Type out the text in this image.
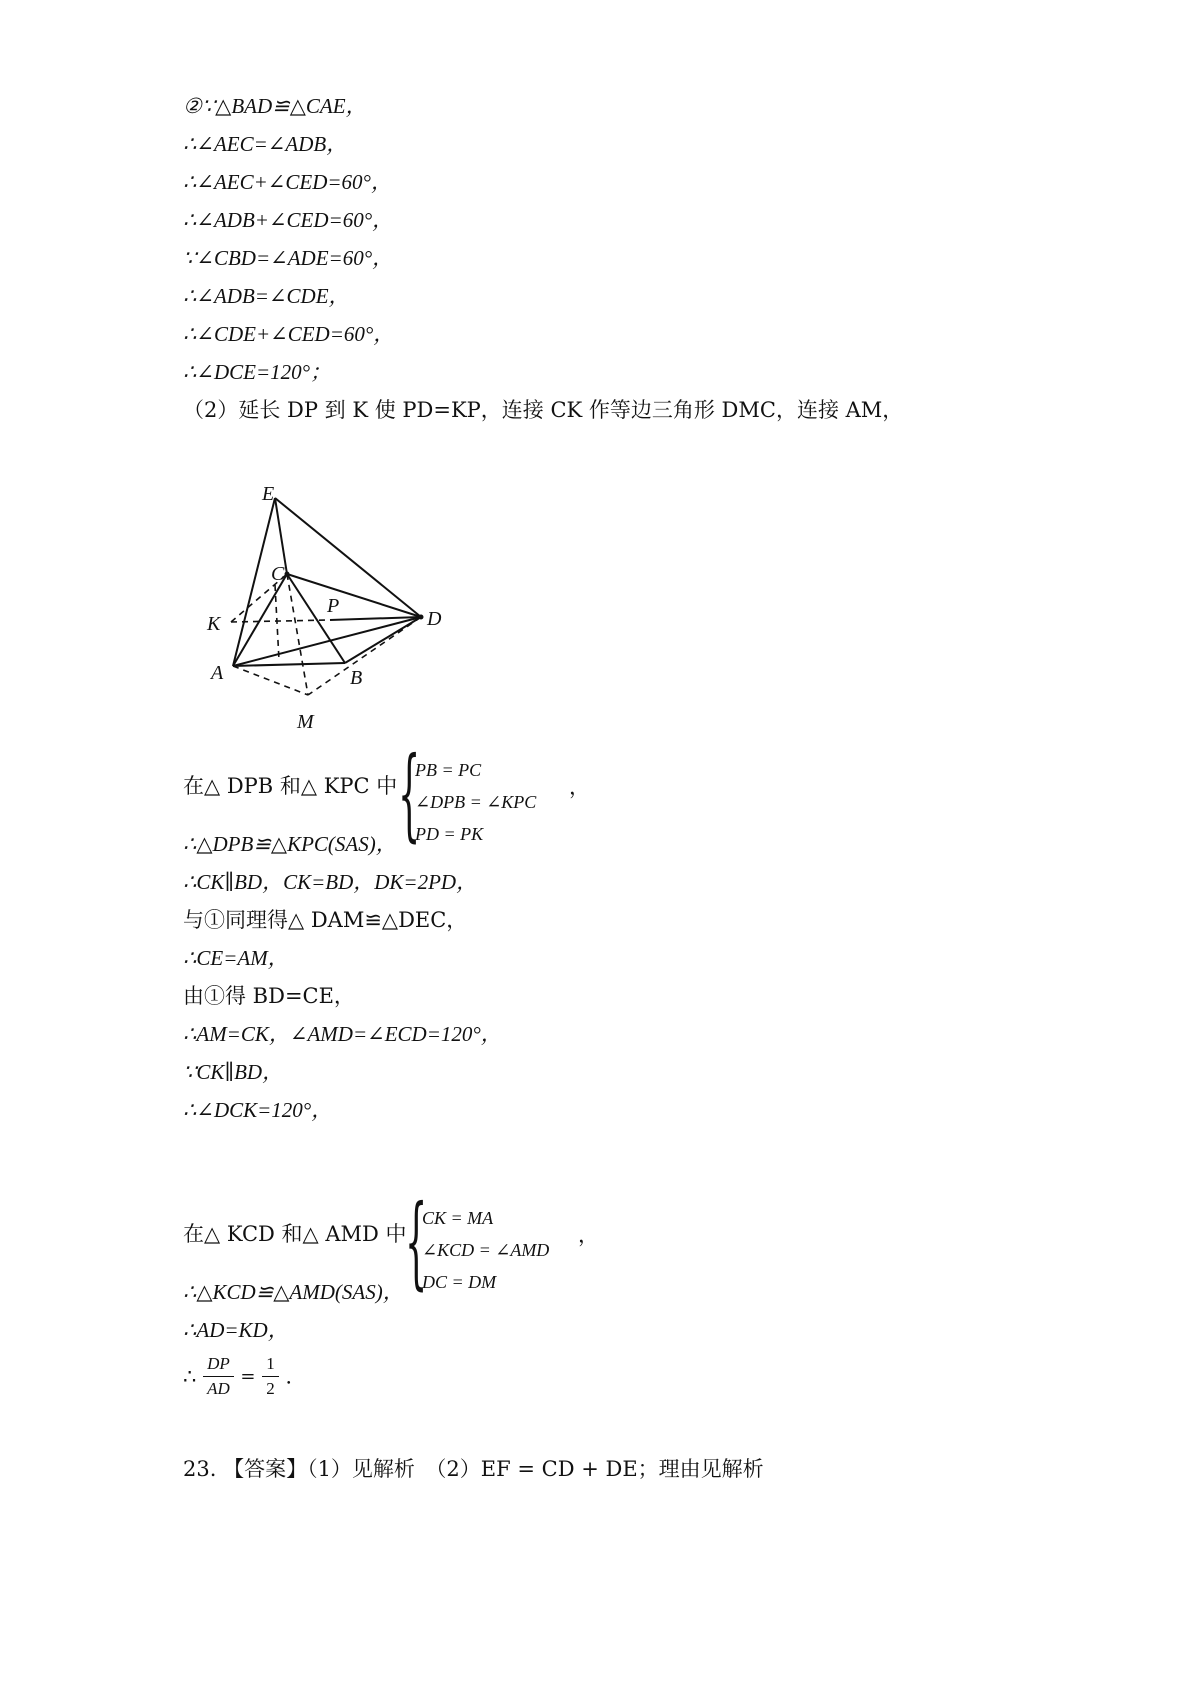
②∵△BAD≌△CAE，
∴∠AEC=∠ADB，
∴∠AEC+∠CED=60°，
∴∠ADB+∠CED=60°，
∵∠CBD=∠ADE=60°，
∴∠ADB=∠CDE，
∴∠CDE+∠CED=60°，
∴∠DCE=120°；
（2）延长 DP 到 K 使 PD=KP，连接 CK 作等边三角形 DMC，连接 AM，
E
C
K
P
D
A	B
M
在△ DPB 和△ KPC 中 {
PB = PC
∠DPB = ∠KPC
PD = PK
，
∴△DPB≌△KPC(SAS)，
∴CK∥BD，CK=BD，DK=2PD，
与①同理得△ DAM≌△DEC，
∴CE=AM，
由①得 BD=CE，
∴AM=CK，∠AMD=∠ECD=120°，
∵CK∥BD，
∴∠DCK=120°，
在△ KCD 和△ AMD 中
{
CK = MA
∠KCD = ∠AMD
DC = DM
，
∴△KCD≌△AMD(SAS)，
∴AD=KD，
∴ $\frac{DP}{AD} = \frac{1}{2}$ .
23. 【答案】（1）见解析　（2）EF = CD + DE；理由见解析
